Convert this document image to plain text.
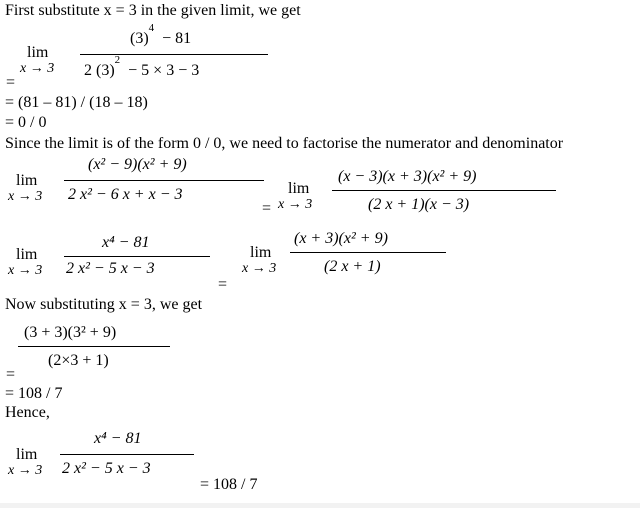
First substitute x = 3 in the given limit, we get
lim
x → 3
$(3)^4 - 81$
2 $(3)^2 - 5 \times 3 - 3$
=
= (81 – 81) / (18 – 18)
= 0 / 0
Since the limit is of the form 0 / 0, we need to factorise the numerator and denominator
lim
x → 3
(x² − 9)(x² + 9)
2 x² − 6 x + x − 3
=
lim
x → 3
(x − 3)(x + 3)(x² + 9)
(2 x + 1)(x − 3)
lim
x → 3
x⁴ − 81
2 x² − 5 x − 3
=
lim
x → 3
(x + 3)(x² + 9)
(2 x + 1)
Now substituting x = 3, we get
(3 + 3)(3² + 9)
(2×3 + 1)
=
= 108 / 7
Hence,
lim
x → 3
x⁴ − 81
2 x² − 5 x − 3
= 108 / 7
